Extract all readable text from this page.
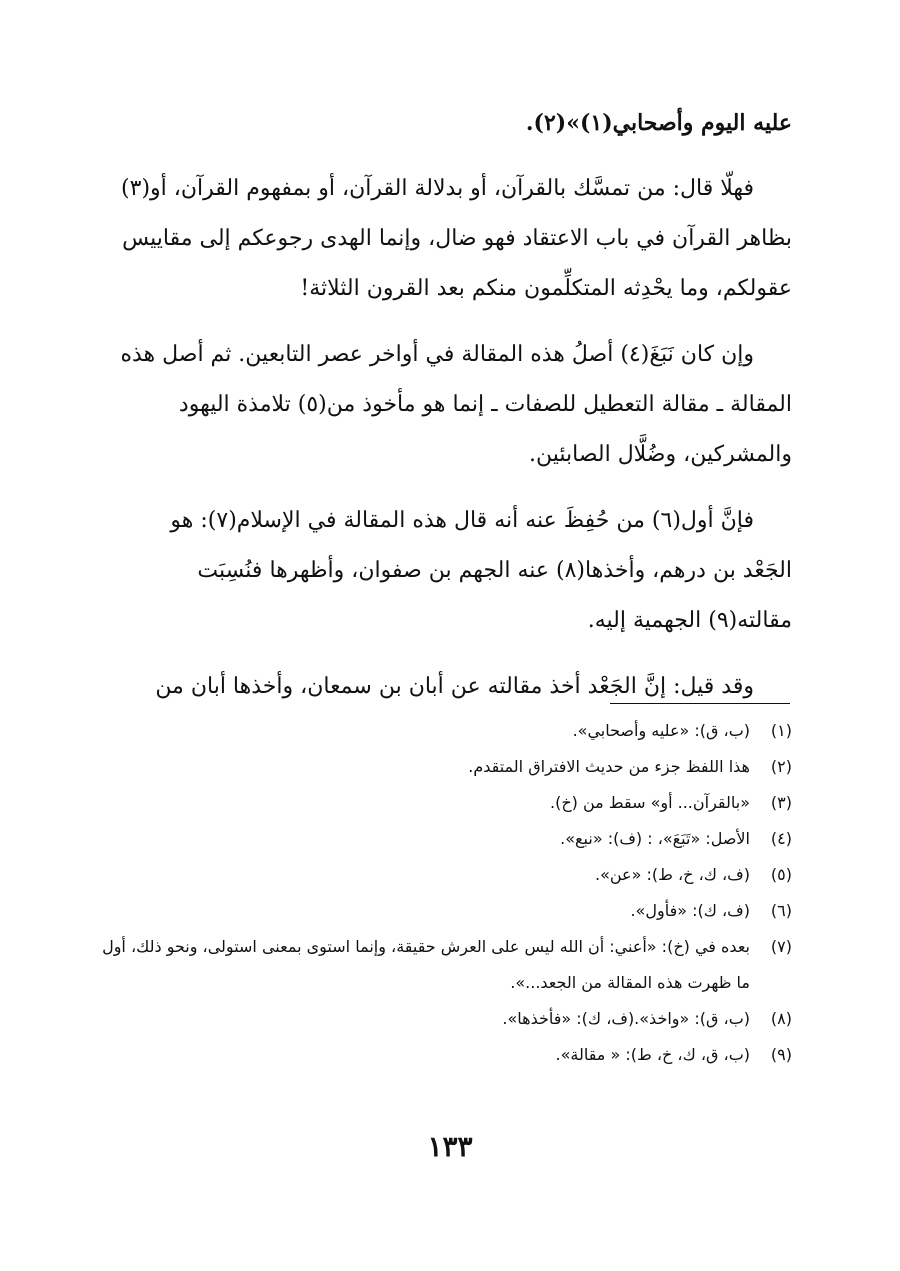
عليه اليوم وأصحابي(١)»(٢).

فهلّا قال: من تمسَّك بالقرآن، أو بدلالة القرآن، أو بمفهوم القرآن، أو(٣)
بظاهر القرآن في باب الاعتقاد فهو ضال، وإنما الهدى رجوعكم إلى مقاييس
عقولكم، وما يحْدِثه المتكلِّمون منكم بعد القرون الثلاثة!

وإن كان نَبَغَ(٤) أصلُ هذه المقالة في أواخر عصر التابعين. ثم أصل هذه
المقالة ـ مقالة التعطيل للصفات ـ إنما هو مأخوذ من(٥) تلامذة اليهود
والمشركين، وضُلَّال الصابئين.

فإنَّ أول(٦) من حُفِظَ عنه أنه قال هذه المقالة في الإسلام(٧): هو
الجَعْد بن درهم، وأخذها(٨) عنه الجهم بن صفوان، وأظهرها فنُسِبَت
مقالته(٩) الجهمية إليه.

وقد قيل: إنَّ الجَعْد أخذ مقالته عن أبان بن سمعان، وأخذها أبان من

(١)
(ب، ق): «عليه وأصحابي».
(٢)
هذا اللفظ جزء من حديث الافتراق المتقدم.
(٣)
«بالقرآن... أو» سقط من (خ).
(٤)
الأصل: «تَبَعَ»، : (ف): «نبع».
(٥)
(ف، ك، خ، ط): «عن».
(٦)
(ف، ك): «فأول».
(٧)
بعده في (خ): «أعني: أن الله ليس على العرش حقيقة، وإنما استوى بمعنى استولى، ونحو ذلك، أول ما ظهرت هذه المقالة من الجعد...».
(٨)
(ب، ق): «واخذ».(ف، ك): «فأخذها».
(٩)
(ب، ق، ك، خ، ط): « مقالة».
١٣٣
